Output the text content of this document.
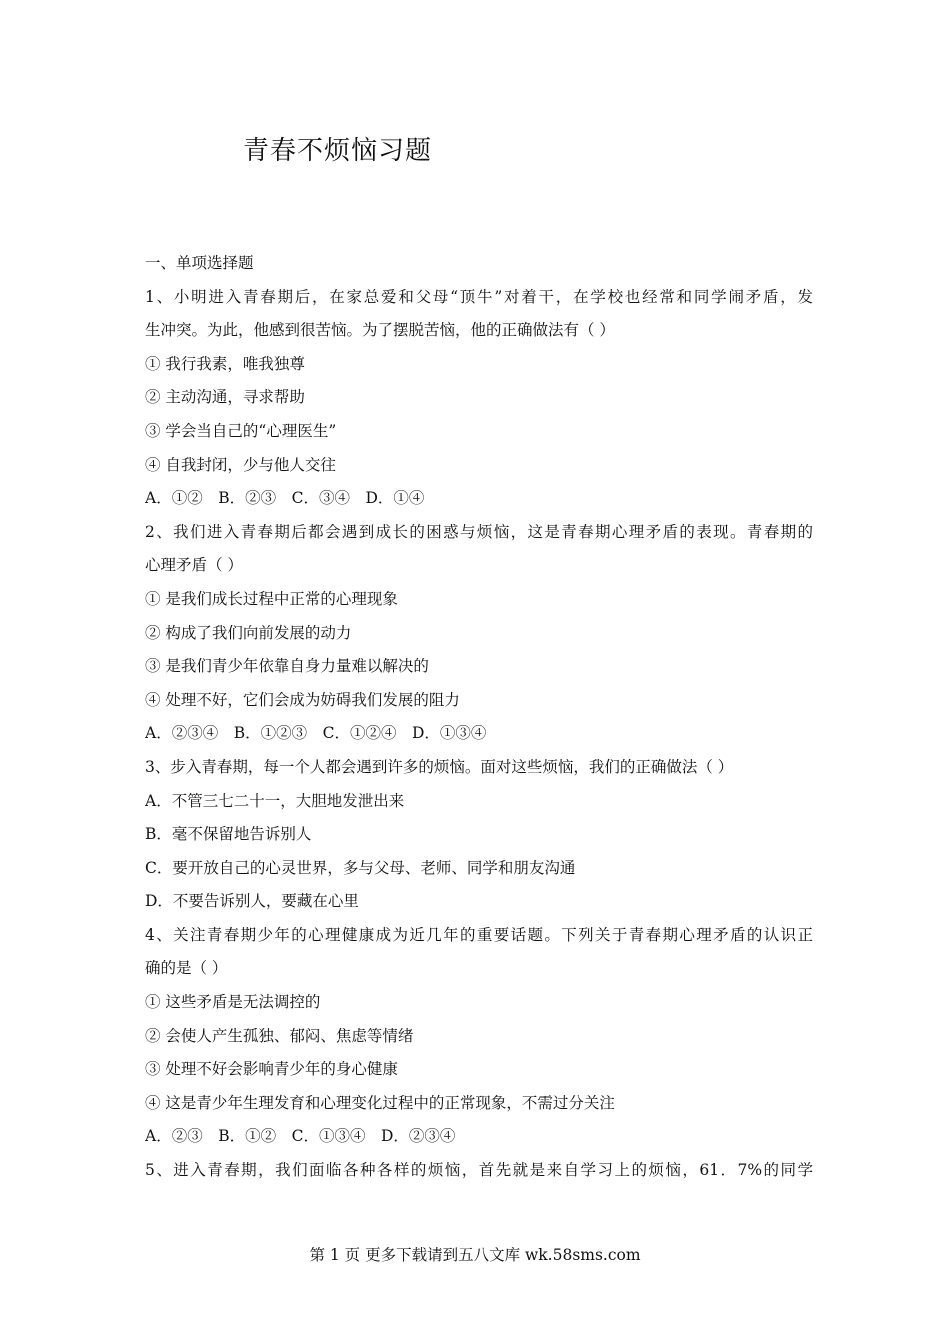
青春不烦恼习题
一、单项选择题
1、小明进入青春期后，在家总爱和父母“顶牛”对着干，在学校也经常和同学闹矛盾，发
生冲突。为此，他感到很苦恼。为了摆脱苦恼，他的正确做法有（ ）
① 我行我素，唯我独尊
② 主动沟通，寻求帮助
③ 学会当自己的“心理医生”
④ 自我封闭，少与他人交往
A．①②　B．②③　C．③④　D．①④
2、我们进入青春期后都会遇到成长的困惑与烦恼，这是青春期心理矛盾的表现。青春期的
心理矛盾（ ）
① 是我们成长过程中正常的心理现象
② 构成了我们向前发展的动力
③ 是我们青少年依靠自身力量难以解决的
④ 处理不好，它们会成为妨碍我们发展的阻力
A．②③④　B．①②③　C．①②④　D．①③④
3、步入青春期，每一个人都会遇到许多的烦恼。面对这些烦恼，我们的正确做法（ ）
A．不管三七二十一，大胆地发泄出来
B．毫不保留地告诉别人
C．要开放自己的心灵世界，多与父母、老师、同学和朋友沟通
D．不要告诉别人，要藏在心里
4、关注青春期少年的心理健康成为近几年的重要话题。下列关于青春期心理矛盾的认识正
确的是（ ）
① 这些矛盾是无法调控的
② 会使人产生孤独、郁闷、焦虑等情绪
③ 处理不好会影响青少年的身心健康
④ 这是青少年生理发育和心理变化过程中的正常现象，不需过分关注
A．②③　B．①②　C．①③④　D．②③④
5、进入青春期，我们面临各种各样的烦恼，首先就是来自学习上的烦恼，61．7%的同学
第 1 页 更多下载请到五八文库 wk.58sms.com
